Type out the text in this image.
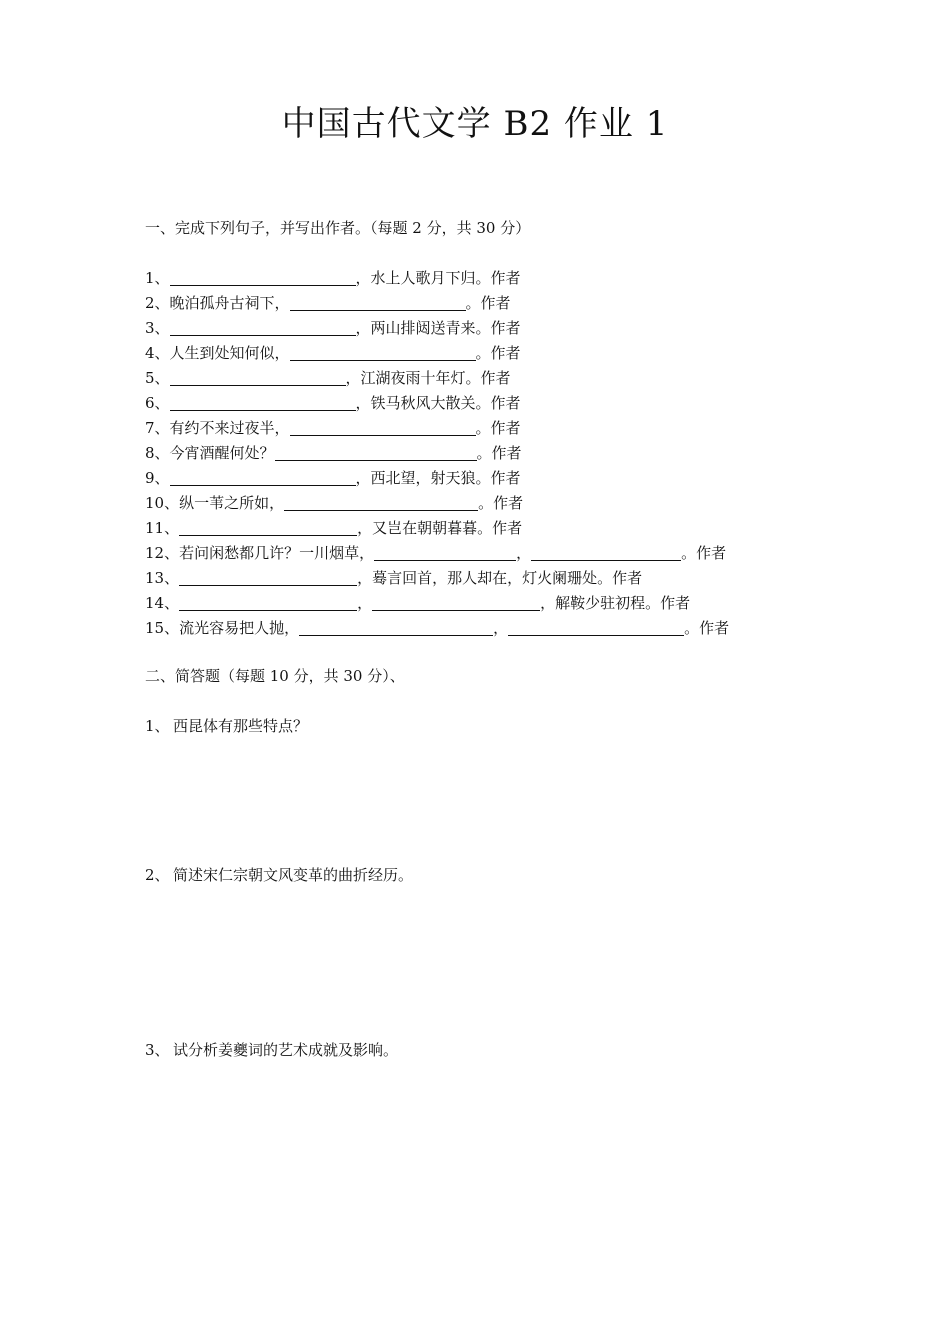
中国古代文学 B2 作业 1
一、完成下列句子，并写出作者。（每题 2 分，共 30 分）
1、	，水上人歌月下归。作者
2、晚泊孤舟古祠下，	。作者
3、	，两山排闼送青来。作者
4、人生到处知何似，	。作者
5、	，江湖夜雨十年灯。作者
6、	，铁马秋风大散关。作者
7、有约不来过夜半，	。作者
8、今宵酒醒何处？	。作者
9、	，西北望，射天狼。作者
10、纵一苇之所如，	。作者
11、	，又岂在朝朝暮暮。作者
12、若问闲愁都几许？一川烟草，	，	。作者
13、	，蓦言回首，那人却在，灯火阑珊处。作者
14、	，	，解鞍少驻初程。作者
15、流光容易把人抛，	，	。作者
二、简答题（每题 10 分，共 30 分）、
1、 西昆体有那些特点？
2、 简述宋仁宗朝文风变革的曲折经历。
3、 试分析姜夔词的艺术成就及影响。
